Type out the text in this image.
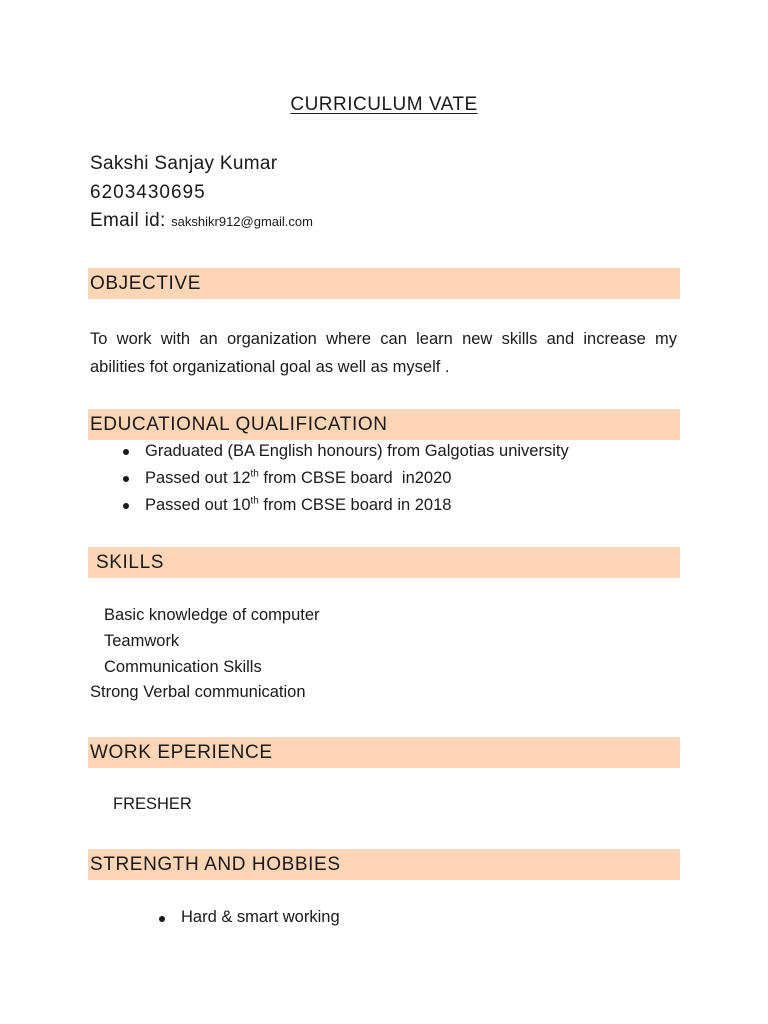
CURRICULUM VATE
Sakshi Sanjay Kumar
6203430695
Email id: sakshikr912@gmail.com
OBJECTIVE
To work with an organization where can learn new skills and increase my abilities fot organizational goal as well as myself .
EDUCATIONAL QUALIFICATION
Graduated (BA English honours) from Galgotias university
Passed out 12th from CBSE board  in2020
Passed out 10th from CBSE board in 2018
SKILLS
Basic knowledge of computer
Teamwork
Communication Skills
Strong Verbal communication
WORK EPERIENCE
FRESHER
STRENGTH AND HOBBIES
Hard & smart working
